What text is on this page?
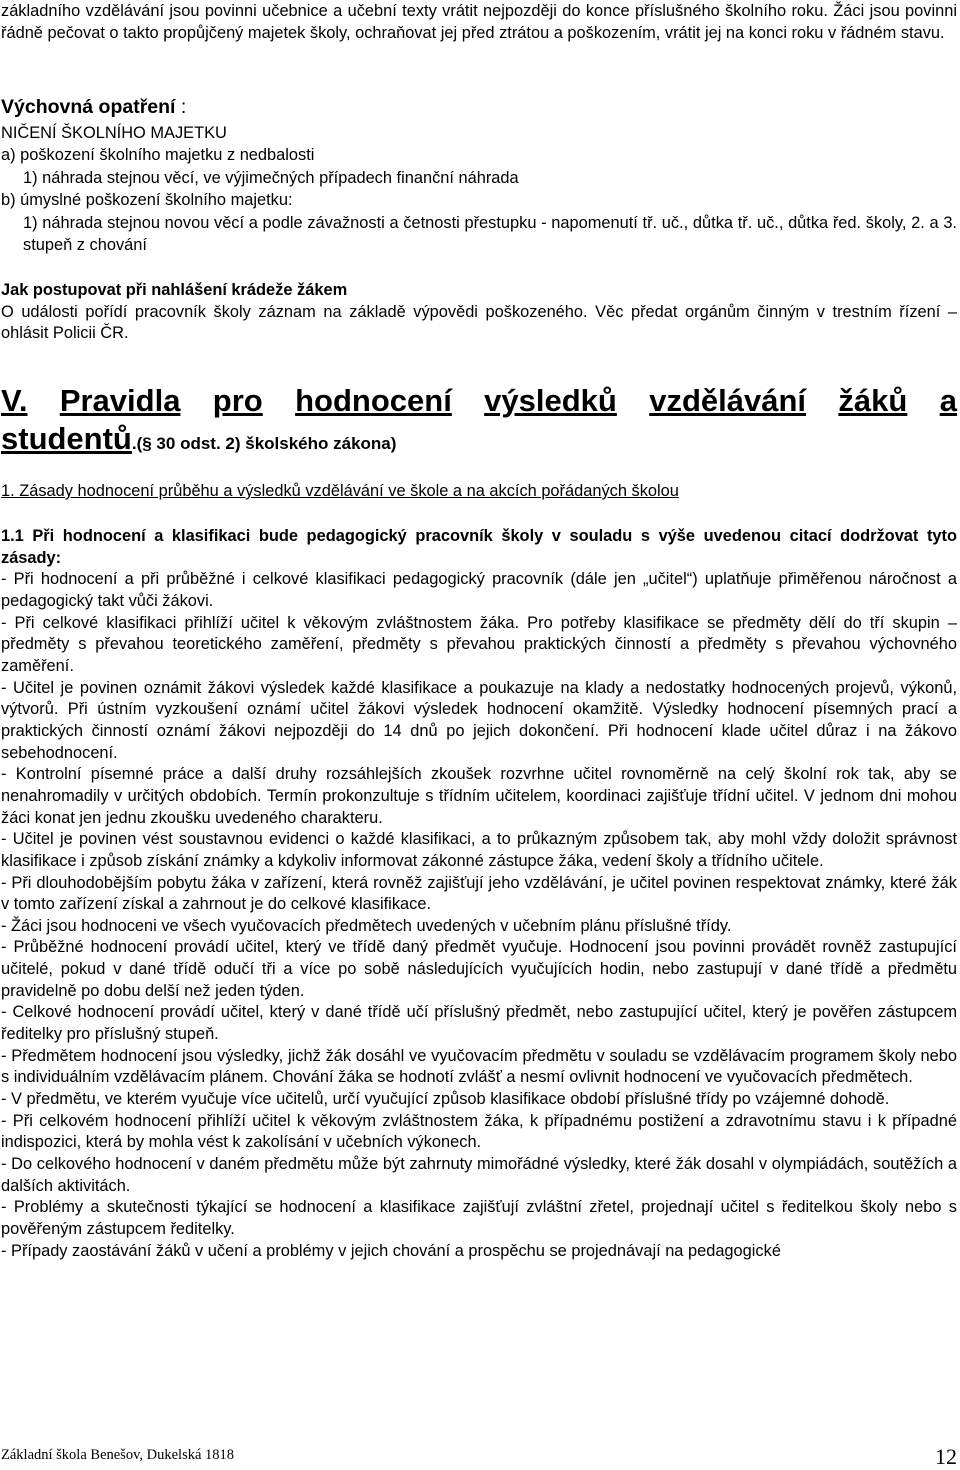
základního vzdělávání jsou povinni učebnice a učební texty vrátit nejpozději do konce příslušného školního roku. Žáci jsou povinni řádně pečovat o takto propůjčený majetek školy, ochraňovat jej před ztrátou a poškozením, vrátit jej na konci roku v řádném stavu.

Výchovná opatření :
NIČENÍ ŠKOLNÍHO MAJETKU
a) poškození školního majetku z nedbalosti
1) náhrada stejnou věcí, ve výjimečných případech finanční náhrada
b) úmyslné poškození školního majetku:
1) náhrada stejnou novou věcí a podle závažnosti a četnosti přestupku - napomenutí tř. uč., důtka tř. uč., důtka řed. školy, 2. a 3. stupeň z chování

Jak postupovat při nahlášení krádeže žákem

O události pořídí pracovník školy záznam na základě výpovědi poškozeného. Věc předat orgánům činným v trestním řízení – ohlásit Policii ČR.

V. Pravidla pro hodnocení výsledků vzdělávání žáků a
studentů.(§ 30 odst. 2) školského zákona)
1. Zásady hodnocení průběhu a výsledků vzdělávání ve škole a na akcích pořádaných školou

1.1 Při hodnocení a klasifikaci bude pedagogický pracovník školy v souladu s výše uvedenou citací dodržovat tyto zásady:

- Při hodnocení a při průběžné i celkové klasifikaci pedagogický pracovník (dále jen „učitel“) uplatňuje přiměřenou náročnost a pedagogický takt vůči žákovi.

- Při celkové klasifikaci přihlíží učitel k věkovým zvláštnostem žáka. Pro potřeby klasifikace se předměty dělí do tří skupin – předměty s převahou teoretického zaměření, předměty s převahou praktických činností a předměty s převahou výchovného zaměření.

- Učitel je povinen oznámit žákovi výsledek každé klasifikace a poukazuje na klady a nedostatky hodnocených projevů, výkonů, výtvorů. Při ústním vyzkoušení oznámí učitel žákovi výsledek hodnocení okamžitě. Výsledky hodnocení písemných prací a praktických činností oznámí žákovi nejpozději do 14 dnů po jejich dokončení. Při hodnocení klade učitel důraz i na žákovo sebehodnocení.

- Kontrolní písemné práce a další druhy rozsáhlejších zkoušek rozvrhne učitel rovnoměrně na celý školní rok tak, aby se nenahromadily v určitých obdobích. Termín prokonzultuje s třídním učitelem, koordinaci zajišťuje třídní učitel. V jednom dni mohou žáci konat jen jednu zkoušku uvedeného charakteru.

- Učitel je povinen vést soustavnou evidenci o každé klasifikaci, a to průkazným způsobem tak, aby mohl vždy doložit správnost klasifikace i způsob získání známky a kdykoliv informovat zákonné zástupce žáka, vedení školy a třídního učitele.

- Při dlouhodobějším pobytu žáka v zařízení, která rovněž zajišťují jeho vzdělávání, je učitel povinen respektovat známky, které žák v tomto zařízení získal a zahrnout je do celkové klasifikace.

- Žáci jsou hodnoceni ve všech vyučovacích předmětech uvedených v učebním plánu příslušné třídy.

- Průběžné hodnocení provádí učitel, který ve třídě daný předmět vyučuje. Hodnocení jsou povinni provádět rovněž zastupující učitelé, pokud v dané třídě odučí tři a více po sobě následujících vyučujících hodin, nebo zastupují v dané třídě a předmětu pravidelně po dobu delší než jeden týden.

- Celkové hodnocení provádí učitel, který v dané třídě učí příslušný předmět, nebo zastupující učitel, který je pověřen zástupcem ředitelky pro příslušný stupeň.

- Předmětem hodnocení jsou výsledky, jichž žák dosáhl ve vyučovacím předmětu v souladu se vzdělávacím programem školy nebo s individuálním vzdělávacím plánem. Chování žáka se hodnotí zvlášť a nesmí ovlivnit hodnocení ve vyučovacích předmětech.

- V předmětu, ve kterém vyučuje více učitelů, určí vyučující způsob klasifikace období příslušné třídy po vzájemné dohodě.

- Při celkovém hodnocení přihlíží učitel k věkovým zvláštnostem žáka, k případnému postižení a zdravotnímu stavu i k případné indispozici, která by mohla vést k zakolísání v učebních výkonech.

- Do celkového hodnocení v daném předmětu může být zahrnuty mimořádné výsledky, které žák dosahl v olympiádách, soutěžích a dalších aktivitách.

- Problémy a skutečnosti týkající se hodnocení a klasifikace zajišťují zvláštní zřetel, projednají učitel s ředitelkou školy nebo s pověřeným zástupcem ředitelky.

- Případy zaostávání žáků v učení a problémy v jejich chování a prospěchu se projednávají na pedagogické

Základní škola Benešov, Dukelská 1818	12
